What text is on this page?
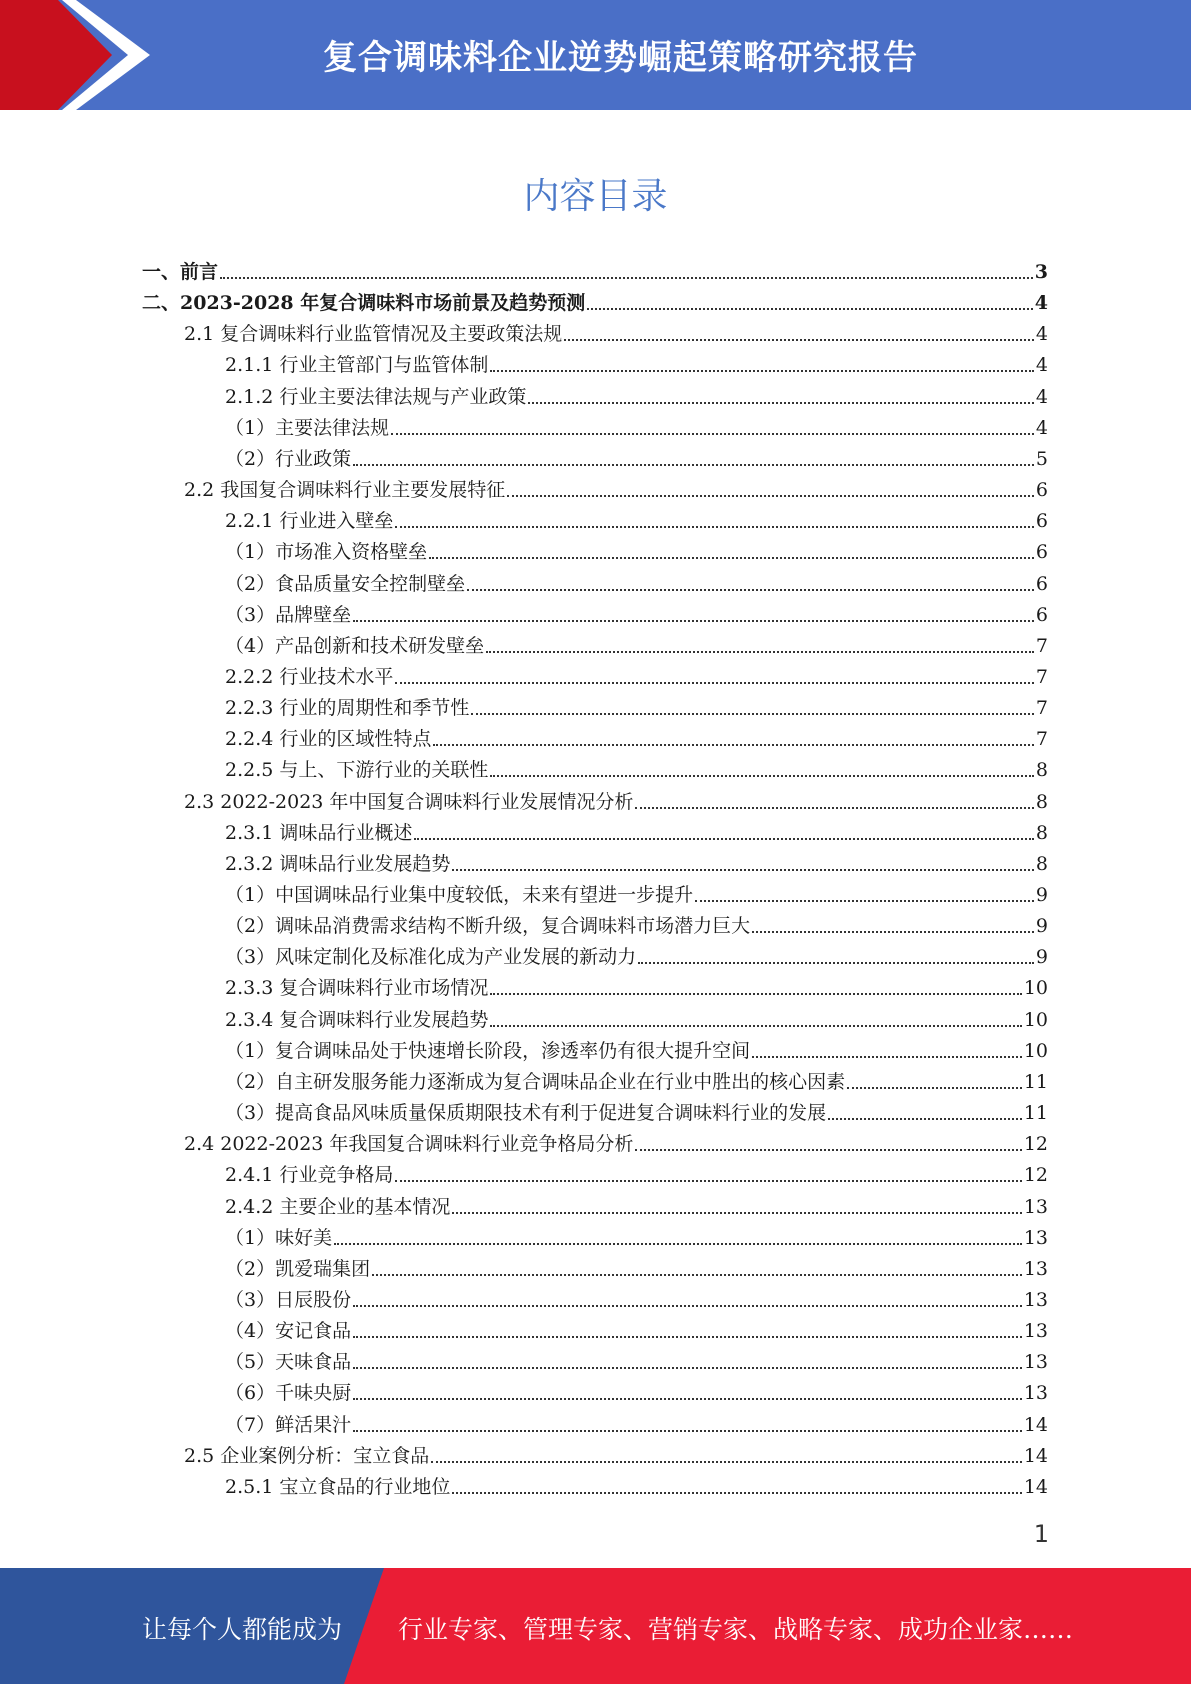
复合调味料企业逆势崛起策略研究报告
内容目录
一、前言	3
二、2023-2028 年复合调味料市场前景及趋势预测	4
2.1 复合调味料行业监管情况及主要政策法规	4
2.1.1 行业主管部门与监管体制	4
2.1.2 行业主要法律法规与产业政策	4
（1）主要法律法规	4
（2）行业政策	5
2.2 我国复合调味料行业主要发展特征	6
2.2.1 行业进入壁垒	6
（1）市场准入资格壁垒	6
（2）食品质量安全控制壁垒	6
（3）品牌壁垒	6
（4）产品创新和技术研发壁垒	7
2.2.2 行业技术水平	7
2.2.3 行业的周期性和季节性	7
2.2.4 行业的区域性特点	7
2.2.5 与上、下游行业的关联性	8
2.3 2022-2023 年中国复合调味料行业发展情况分析	8
2.3.1 调味品行业概述	8
2.3.2 调味品行业发展趋势	8
（1）中国调味品行业集中度较低，未来有望进一步提升	9
（2）调味品消费需求结构不断升级，复合调味料市场潜力巨大	9
（3）风味定制化及标准化成为产业发展的新动力	9
2.3.3 复合调味料行业市场情况	10
2.3.4 复合调味料行业发展趋势	10
（1）复合调味品处于快速增长阶段，渗透率仍有很大提升空间	10
（2）自主研发服务能力逐渐成为复合调味品企业在行业中胜出的核心因素	11
（3）提高食品风味质量保质期限技术有利于促进复合调味料行业的发展	11
2.4 2022-2023 年我国复合调味料行业竞争格局分析	12
2.4.1 行业竞争格局	12
2.4.2 主要企业的基本情况	13
（1）味好美	13
（2）凯爱瑞集团	13
（3）日辰股份	13
（4）安记食品	13
（5）天味食品	13
（6）千味央厨	13
（7）鲜活果汁	14
2.5 企业案例分析：宝立食品	14
2.5.1 宝立食品的行业地位	14
1
让每个人都能成为 行业专家、管理专家、营销专家、战略专家、成功企业家……
